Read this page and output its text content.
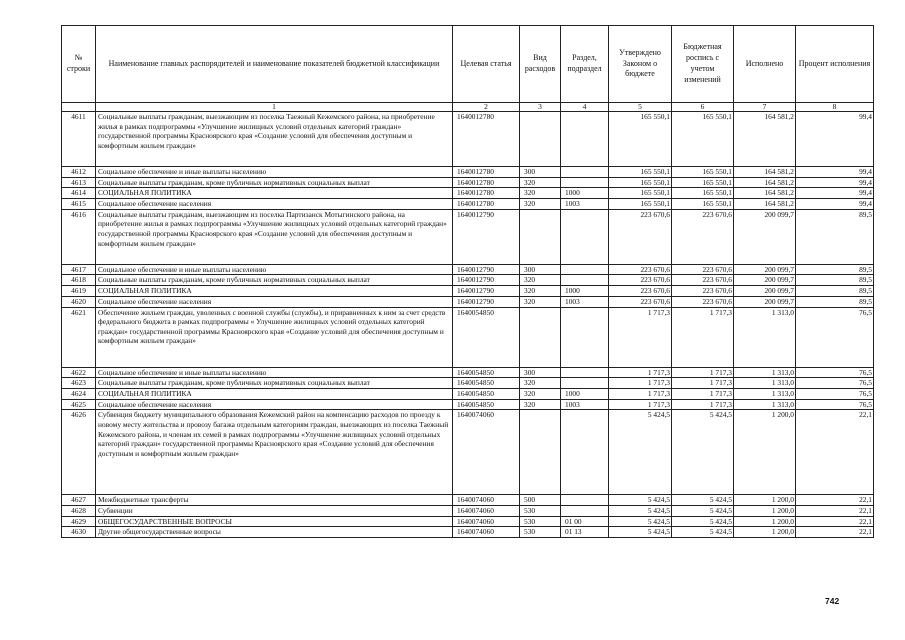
№ строки	Наименование главных распорядителей и наименование показателей бюджетной классификации	Целевая статья	Вид расходов	Раздел, подраздел	Утверждено Законом о бюджете	Бюджетная роспись с учетом изменений	Исполнено	Процент исполнения
	1	2	3	4	5	6	7	8
4611	Социальные выплаты гражданам, выезжающим из поселка Таежный Кежемского района, на приобретение жилья в рамках подпрограммы «Улучшение жилищных условий отдельных категорий граждан» государственной программы Красноярского края «Создание условий для обеспечения доступным и комфортным жильем граждан»	1640012780			165 550,1	165 550,1	164 581,2	99,4
4612	Социальное обеспечение и иные выплаты населению	1640012780	300		165 550,1	165 550,1	164 581,2	99,4
4613	Социальные выплаты гражданам, кроме публичных нормативных социальных выплат	1640012780	320		165 550,1	165 550,1	164 581,2	99,4
4614	СОЦИАЛЬНАЯ ПОЛИТИКА	1640012780	320	1000	165 550,1	165 550,1	164 581,2	99,4
4615	Социальное обеспечение населения	1640012780	320	1003	165 550,1	165 550,1	164 581,2	99,4
4616	Социальные выплаты гражданам, выезжающим из поселка Партизанск Мотыгинского района, на приобретение жилья в рамках подпрограммы «Улучшение жилищных условий отдельных категорий граждан» государственной программы Красноярского края «Создание условий для обеспечения доступным и комфортным жильем граждан»	1640012790			223 670,6	223 670,6	200 099,7	89,5
4617	Социальное обеспечение и иные выплаты населению	1640012790	300		223 670,6	223 670,6	200 099,7	89,5
4618	Социальные выплаты гражданам, кроме публичных нормативных социальных выплат	1640012790	320		223 670,6	223 670,6	200 099,7	89,5
4619	СОЦИАЛЬНАЯ ПОЛИТИКА	1640012790	320	1000	223 670,6	223 670,6	200 099,7	89,5
4620	Социальное обеспечение населения	1640012790	320	1003	223 670,6	223 670,6	200 099,7	89,5
4621	Обеспечение жильем граждан, уволенных с военной службы (службы), и приравненных к ним за счет средств федерального бюджета в рамках подпрограммы « Улучшение жилищных условий отдельных категорий граждан» государственной программы Красноярского края «Создание условий для обеспечения доступным и комфортным жильем граждан»	1640054850			1 717,3	1 717,3	1 313,0	76,5
4622	Социальное обеспечение и иные выплаты населению	1640054850	300		1 717,3	1 717,3	1 313,0	76,5
4623	Социальные выплаты гражданам, кроме публичных нормативных социальных выплат	1640054850	320		1 717,3	1 717,3	1 313,0	76,5
4624	СОЦИАЛЬНАЯ ПОЛИТИКА	1640054850	320	1000	1 717,3	1 717,3	1 313,0	76,5
4625	Социальное обеспечение населения	1640054850	320	1003	1 717,3	1 717,3	1 313,0	76,5
4626	Субвенция бюджету муниципального образования Кежемский район на компенсацию расходов по проезду к новому месту жительства и провозу багажа отдельным категориям граждан, выезжающих из поселка Таежный Кежемского района, и членам их семей в рамках подпрограммы «Улучшение жилищных условий отдельных категорий граждан» государственной программы Красноярского края «Создание условий для обеспечения доступным и комфортным жильем граждан»	1640074060			5 424,5	5 424,5	1 200,0	22,1
4627	Межбюджетные трансферты	1640074060	500		5 424,5	5 424,5	1 200,0	22,1
4628	Субвенции	1640074060	530		5 424,5	5 424,5	1 200,0	22,1
4629	ОБЩЕГОСУДАРСТВЕННЫЕ ВОПРОСЫ	1640074060	530	01 00	5 424,5	5 424,5	1 200,0	22,1
4630	Другие общегосударственные вопросы	1640074060	530	01 13	5 424,5	5 424,5	1 200,0	22,1
742
